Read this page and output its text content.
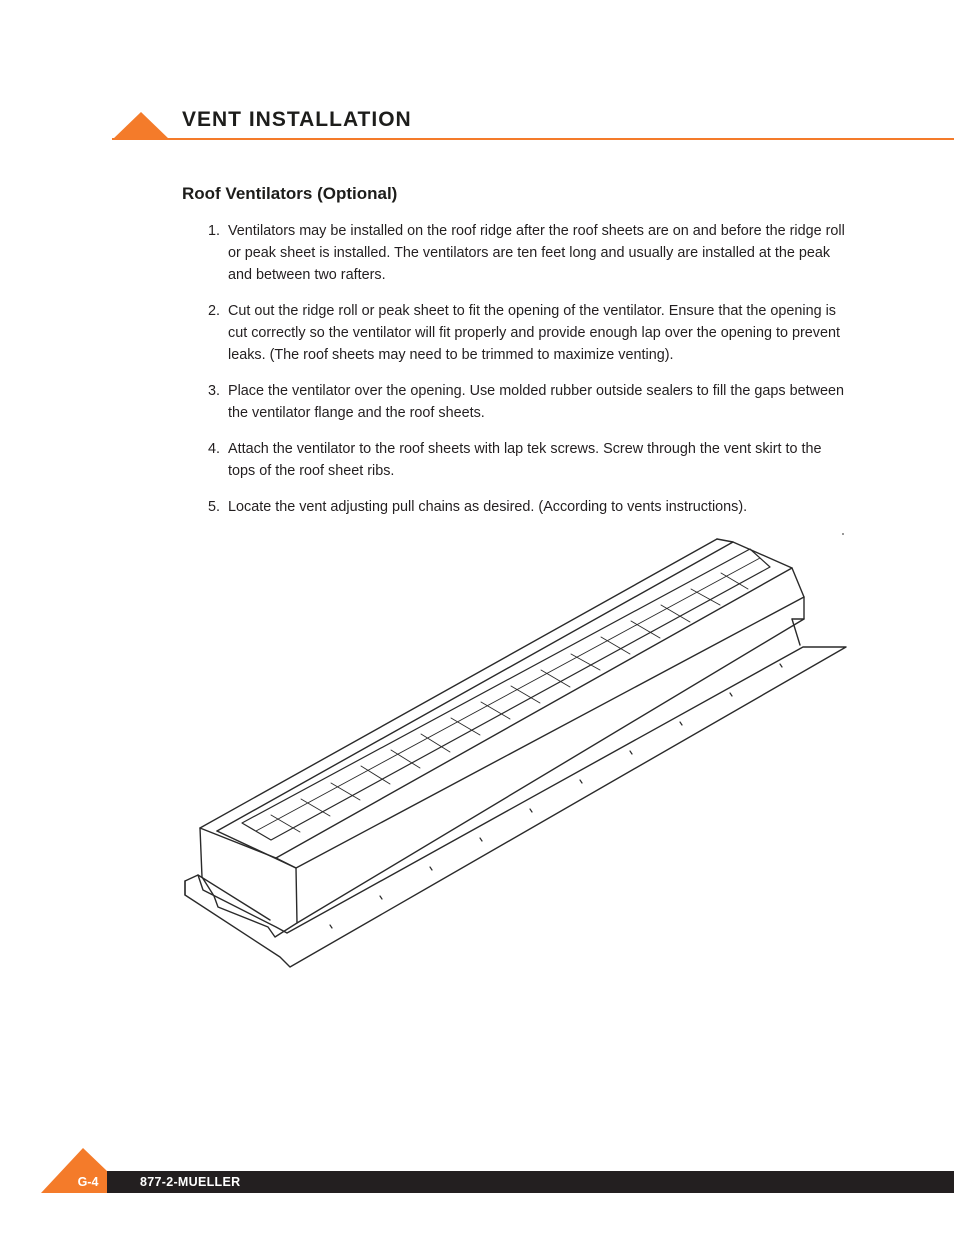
VENT INSTALLATION
Roof Ventilators (Optional)
1. Ventilators may be installed on the roof ridge after the roof sheets are on and before the ridge roll or peak sheet is installed. The ventilators are ten feet long and usually are installed at the peak and between two rafters.
2. Cut out the ridge roll or peak sheet to fit the opening of the ventilator. Ensure that the opening is cut correctly so the ventilator will fit properly and provide enough lap over the opening to prevent leaks. (The roof sheets may need to be trimmed to maximize venting).
3. Place the ventilator over the opening. Use molded rubber outside sealers to fill the gaps between the ventilator flange and the roof sheets.
4. Attach the ventilator to the roof sheets with lap tek screws. Screw through the vent skirt to the tops of the roof sheet ribs.
5. Locate the vent adjusting pull chains as desired. (According to vents instructions).
G-4	877-2-MUELLER
